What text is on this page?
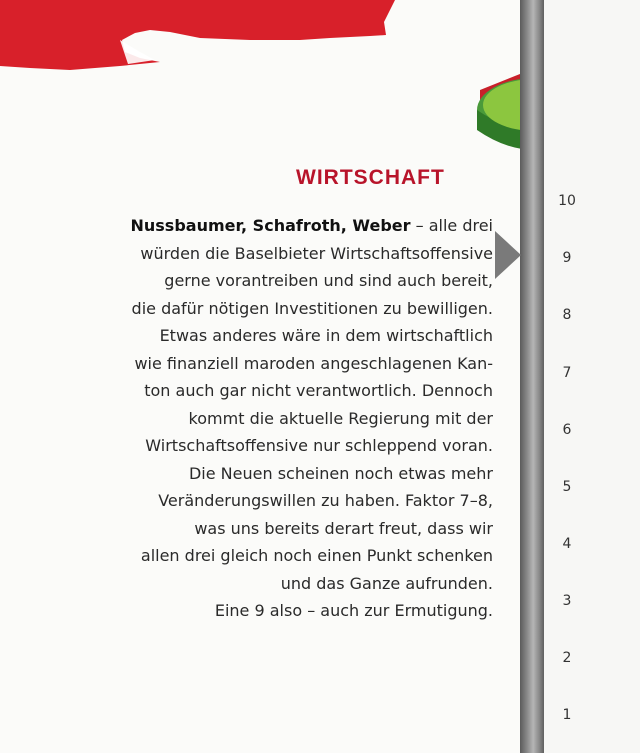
WIRTSCHAFT
Nussbaumer, Schafroth, Weber – alle drei
würden die Baselbieter Wirtschaftsoffensive
gerne vorantreiben und sind auch bereit,
die dafür nötigen Investitionen zu bewilligen.
Etwas anderes wäre in dem wirtschaftlich
wie finanziell maroden angeschlagenen Kan-
ton auch gar nicht verantwortlich. Dennoch
kommt die aktuelle Regierung mit der
Wirtschaftsoffensive nur schleppend voran.
Die Neuen scheinen noch etwas mehr
Veränderungswillen zu haben. Faktor 7–8,
was uns bereits derart freut, dass wir
allen drei gleich noch einen Punkt schenken
und das Ganze aufrunden.
Eine 9 also – auch zur Ermutigung.
10
9
8
7
6
5
4
3
2
1
